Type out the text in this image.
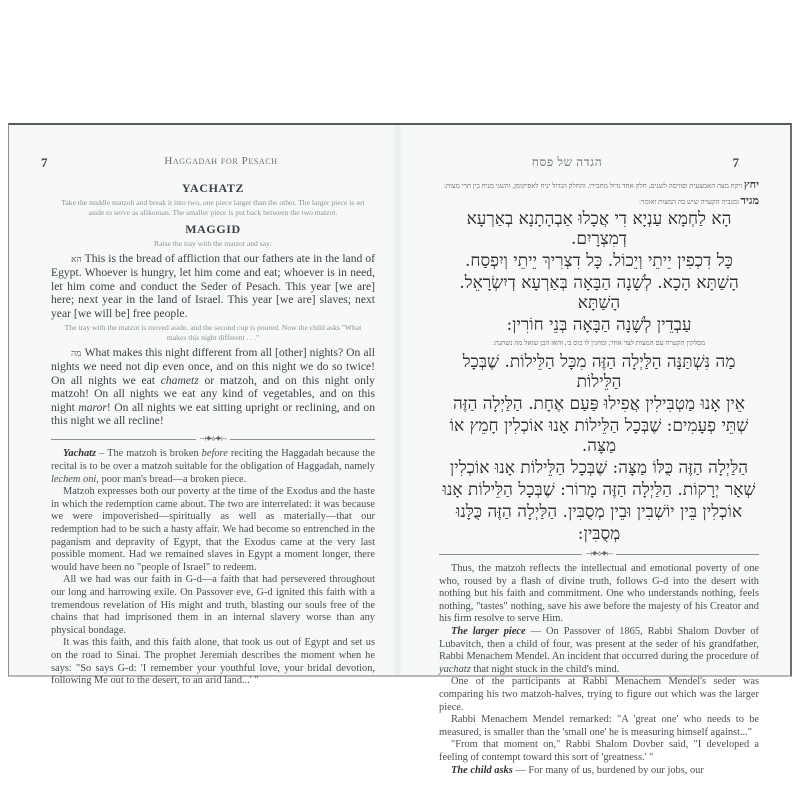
7	Haggadah for Pesach
YACHATZ
Take the middle matzoh and break it into two, one piece larger than the other. The larger piece is set aside to serve as afikoman. The smaller piece is put back between the two matzot.
MAGGID
Raise the tray with the matzot and say:

הא This is the bread of affliction that our fathers ate in the land of Egypt. Whoever is hungry, let him come and eat; whoever is in need, let him come and conduct the Seder of Pesach. This year [we are] here; next year in the land of Israel. This year [we are] slaves; next year [we will be] free people.

The tray with the matzot is moved aside, and the second cup is poured. Now the child asks "What makes this night different . . ."

מה What makes this night different from all [other] nights? On all nights we need not dip even once, and on this night we do so twice! On all nights we eat chametz or matzoh, and on this night only matzoh! On all nights we eat any kind of vegetables, and on this night maror! On all nights we eat sitting upright or reclining, and on this night we all recline!

⟞✦⟡✦⟝

Yachatz – The matzoh is broken before reciting the Haggadah because the recital is to be over a matzoh suitable for the obligation of Haggadah, namely lechem oni, poor man's bread—a broken piece.

Matzoh expresses both our poverty at the time of the Exodus and the haste in which the redemption came about. The two are interrelated: it was because we were impoverished—spiritually as well as materially—that our redemption had to be such a hasty affair. We had become so entrenched in the paganism and depravity of Egypt, that the Exodus came at the very last possible moment. Had we remained slaves in Egypt a moment longer, there would have been no "people of Israel" to redeem.

All we had was our faith in G-d—a faith that had persevered throughout our long and harrowing exile. On Passover eve, G-d ignited this faith with a tremendous revelation of His might and truth, blasting our souls free of the chains that had imprisoned them in an internal slavery worse than any physical bondage.

It was this faith, and this faith alone, that took us out of Egypt and set us on the road to Sinai. The prophet Jeremiah describes the moment when he says: "So says G-d: 'I remember your youthful love, your bridal devotion, following Me out to the desert, to an arid land...' "

הגדה של פסח	7
יחץ ויקח מצה האמצעית ופורסה לשנים, חלק אחד גדול מחבירו, והחלק הגדול יניח לאפיקומן, והשני מניח בין תרי מצות:
מגיד ומגביה הקערה שיש בה המצות ואומר:
הָא לַחְמָא עַנְיָא דִי אֲכָלוּ אַבְהָתָנָא בְאַרְעָא דְמִצְרָיִם.
כָּל דִכְפִין יֵיתֵי וְיֵכוֹל. כָּל דִצְרִיךְ יֵיתֵי וְיִפְסַח.
הָשַׁתָּא הָכָא. לְשָׁנָה הַבָּאָה בְּאַרְעָא דְיִשְׂרָאֵל. הָשַׁתָּא
עַבְדֵין לְשָׁנָה הַבָּאָה בְּנֵי חוֹרִין:
מסלקין הקערה עם המצות לצד אחר, ומוזגין לו כוס ב׳, והאז הבן שואל מה נשתנה:
מַה נִּשְׁתַּנָּה הַלַּיְלָה הַזֶּה מִכָּל הַלֵּילוֹת. שֶׁבְּכָל הַלֵּילוֹת
אֵין אָנוּ מַטְבִּילִין אֲפִילוּ פַּעַם אֶחָת. הַלַּיְלָה הַזֶּה
שְׁתֵּי פְעָמִים: שֶׁבְּכָל הַלֵּילוֹת אָנוּ אוֹכְלִין חָמֵץ אוֹ מַצָּה.
הַלַּיְלָה הַזֶּה כֻּלּוֹ מַצָּה: שֶׁבְּכָל הַלֵּילוֹת אָנוּ אוֹכְלִין
שְׁאָר יְרָקוֹת. הַלַּיְלָה הַזֶּה מָרוֹר: שֶׁבְּכָל הַלֵּילוֹת אָנוּ
אוֹכְלִין בֵּין יוֹשְׁבִין וּבֵין מְסֻבִּין. הַלַּיְלָה הַזֶּה כֻּלָּנוּ
מְסֻבִּין:
⟞✦⟡✦⟝

Thus, the matzoh reflects the intellectual and emotional poverty of one who, roused by a flash of divine truth, follows G-d into the desert with nothing but his faith and commitment. One who understands nothing, feels nothing, "tastes" nothing, save his awe before the majesty of his Creator and his firm resolve to serve Him.

The larger piece — On Passover of 1865, Rabbi Shalom Dovber of Lubavitch, then a child of four, was present at the seder of his grandfather, Rabbi Menachem Mendel. An incident that occurred during the procedure of yachatz that night stuck in the child's mind.

One of the participants at Rabbi Menachem Mendel's seder was comparing his two matzoh-halves, trying to figure out which was the larger piece.

Rabbi Menachem Mendel remarked: "A 'great one' who needs to be measured, is smaller than the 'small one' he is measuring himself against..."

"From that moment on," Rabbi Shalom Dovber said, "I developed a feeling of contempt toward this sort of 'greatness.' "

The child asks — For many of us, burdened by our jobs, our
